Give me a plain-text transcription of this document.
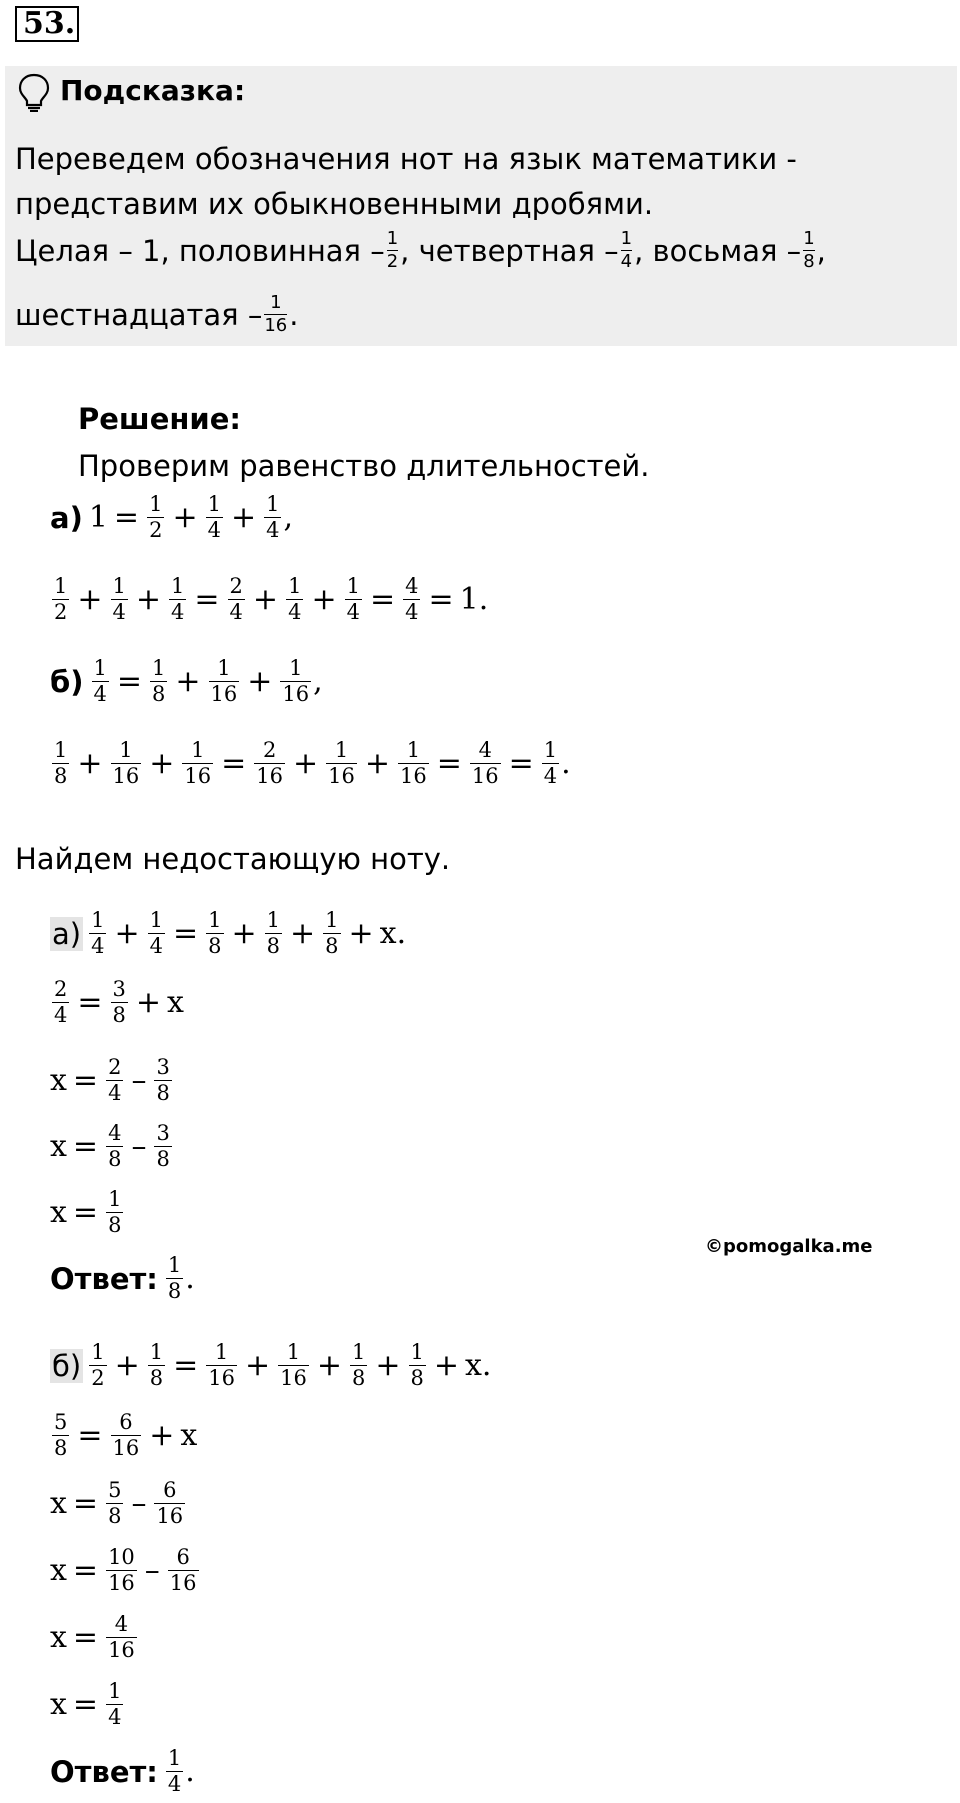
53.
Подсказка:
Переведем обозначения нот на язык математики -
представим их обыкновенными дробями.
Целая – 1, половинная – $\frac{1}{2}$ , четвертная – $\frac{1}{4}$ , восьмая – $\frac{1}{8}$ ,
шестнадцатая – $\frac{1}{16}$ .
Решение:
Проверим равенство длительностей.
а) $1 = \frac{1}{2} + \frac{1}{4} + \frac{1}{4}$ ,
$\frac{1}{2} + \frac{1}{4} + \frac{1}{4} = \frac{2}{4} + \frac{1}{4} + \frac{1}{4} = \frac{4}{4} = 1$.
$б) \frac{1}{4} = \frac{1}{8} + \frac{1}{16} + \frac{1}{16}$ ,
$\frac{1}{8} + \frac{1}{16} + \frac{1}{16} = \frac{2}{16} + \frac{1}{16} + \frac{1}{16} = \frac{4}{16} = \frac{1}{4}$ .
Найдем недостающую ноту.
$а) \frac{1}{4} + \frac{1}{4} = \frac{1}{8} + \frac{1}{8} + \frac{1}{8} + x$.
$\frac{2}{4} = \frac{3}{8} + x$
$x = \frac{2}{4} - \frac{3}{8}$
$x = \frac{4}{8} - \frac{3}{8}$
$x = \frac{1}{8}$
Ответ: $\frac{1}{8}$ .
©pomogalka.me
$б) \frac{1}{2} + \frac{1}{8} = \frac{1}{16} + \frac{1}{16} + \frac{1}{8} + \frac{1}{8} + x$.
$\frac{5}{8} = \frac{6}{16} + x$
$x = \frac{5}{8} - \frac{6}{16}$
$x = \frac{10}{16} - \frac{6}{16}$
$x = \frac{4}{16}$
$x = \frac{1}{4}$
Ответ: $\frac{1}{4}$ .
